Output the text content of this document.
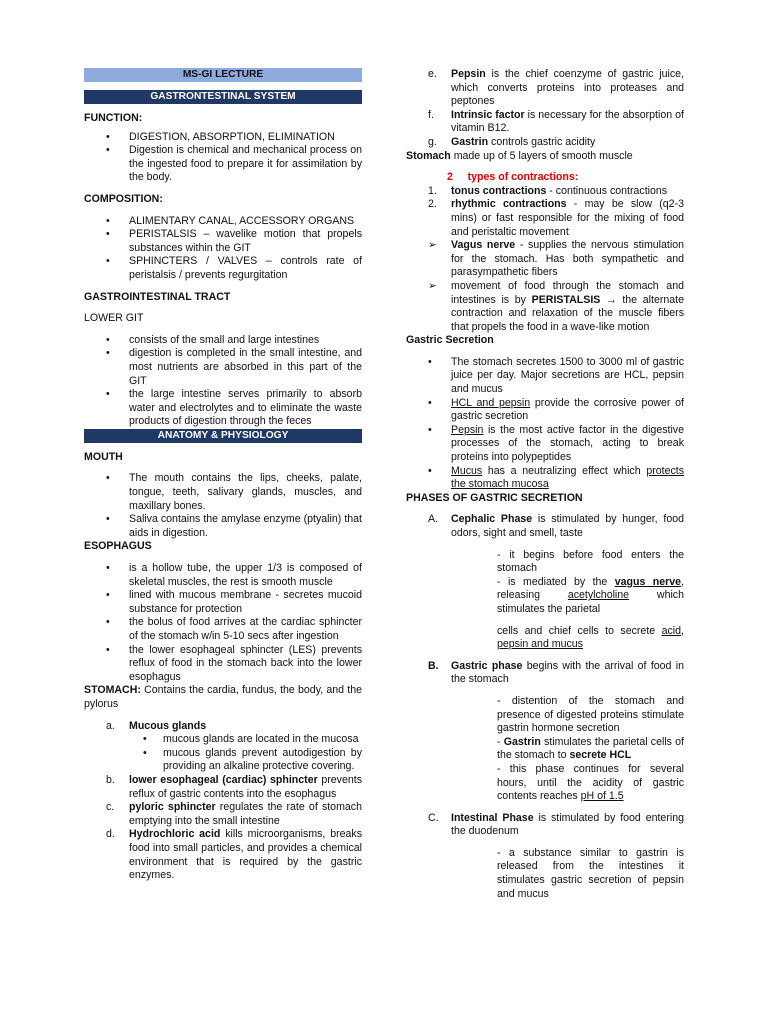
MS-GI LECTURE
GASTRONTESTINAL SYSTEM

FUNCTION:

• DIGESTION, ABSORPTION, ELIMINATION
• Digestion is chemical and mechanical process on the ingested food to prepare it for assimilation by the body.

COMPOSITION:

• ALIMENTARY CANAL, ACCESSORY ORGANS
• PERISTALSIS – wavelike motion that propels substances within the GIT
• SPHINCTERS / VALVES – controls rate of peristalsis / prevents regurgitation

GASTROINTESTINAL TRACT

LOWER GIT

• consists of the small and large intestines
• digestion is completed in the small intestine, and most nutrients are absorbed in this part of the GIT
• the large intestine serves primarily to absorb water and electrolytes and to eliminate the waste products of digestion through the feces
ANATOMY & PHYSIOLOGY

MOUTH

• The mouth contains the lips, cheeks, palate, tongue, teeth, salivary glands, muscles, and maxillary bones.
• Saliva contains the amylase enzyme (ptyalin) that aids in digestion.

ESOPHAGUS

• is a hollow tube, the upper 1/3 is composed of skeletal muscles, the rest is smooth muscle
• lined with mucous membrane - secretes mucoid substance for protection
• the bolus of food arrives at the cardiac sphincter of the stomach w/in 5-10 secs after ingestion
• the lower esophageal sphincter (LES) prevents reflux of food in the stomach back into the lower esophagus

STOMACH: Contains the cardia, fundus, the body, and the pylorus

a. Mucous glands
• mucous glands are located in the mucosa
• mucous glands prevent autodigestion by providing an alkaline protective covering.
b. lower esophageal (cardiac) sphincter prevents reflux of gastric contents into the esophagus
c. pyloric sphincter regulates the rate of stomach emptying into the small intestine
d. Hydrochloric acid kills microorganisms, breaks food into small particles, and provides a chemical environment that is required by the gastric enzymes.
e. Pepsin is the chief coenzyme of gastric juice, which converts proteins into proteases and peptones
f. Intrinsic factor is necessary for the absorption of vitamin B12.
g. Gastrin controls gastric acidity

Stomach made up of 5 layers of smooth muscle

2     types of contractions:

1. tonus contractions - continuous contractions
2. rhythmic contractions - may be slow (q2-3 mins) or fast responsible for the mixing of food and peristaltic movement
➢ Vagus nerve - supplies the nervous stimulation for the stomach. Has both sympathetic and parasympathetic fibers
➢ movement of food through the stomach and intestines is by PERISTALSIS → the alternate contraction and relaxation of the muscle fibers that propels the food in a wave-like motion

Gastric Secretion

• The stomach secretes 1500 to 3000 ml of gastric juice per day. Major secretions are HCL, pepsin and mucus
• HCL and pepsin provide the corrosive power of gastric secretion
• Pepsin is the most active factor in the digestive processes of the stomach, acting to break proteins into polypeptides
• Mucus has a neutralizing effect which protects the stomach mucosa

PHASES OF GASTRIC SECRETION

A. Cephalic Phase is stimulated by hunger, food odors, sight and smell, taste
- it begins before food enters the stomach
- is mediated by the vagus nerve, releasing acetylcholine which stimulates the parietal
cells and chief cells to secrete acid, pepsin and mucus
B. Gastric phase begins with the arrival of food in the stomach
- distention of the stomach and presence of digested proteins stimulate gastrin hormone secretion
- Gastrin stimulates the parietal cells of the stomach to secrete HCL
- this phase continues for several hours, until the acidity of gastric contents reaches pH of 1.5
C. Intestinal Phase is stimulated by food entering the duodenum
- a substance similar to gastrin is released from the intestines it stimulates gastric secretion of pepsin and mucus
